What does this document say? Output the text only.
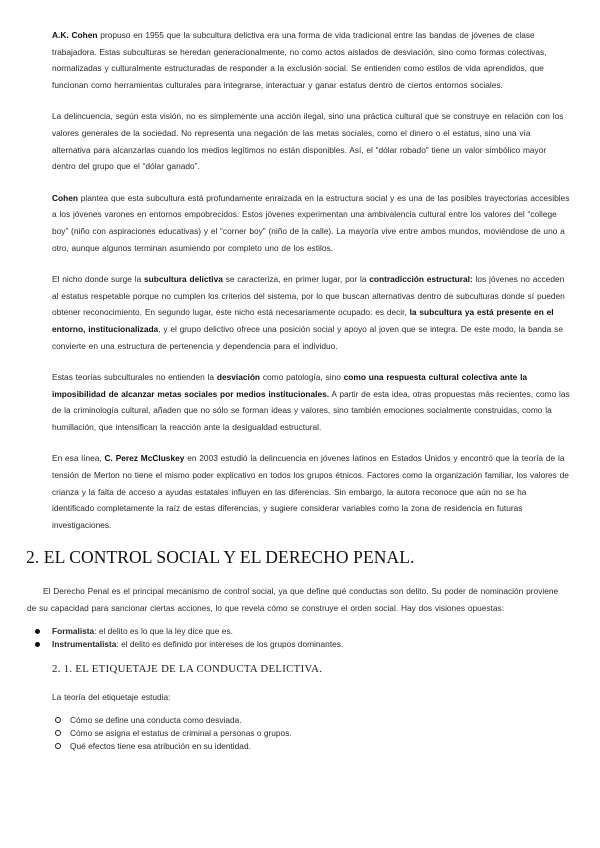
A.K. Cohen propuso en 1955 que la subcultura delictiva era una forma de vida tradicional entre las bandas de jóvenes de clase trabajadora. Estas subculturas se heredan generacionalmente, no como actos aislados de desviación, sino como formas colectivas, normalizadas y culturalmente estructuradas de responder a la exclusión social. Se entienden como estilos de vida aprendidos, que funcionan como herramientas culturales para integrarse, interactuar y ganar estatus dentro de ciertos entornos sociales.

La delincuencia, según esta visión, no es simplemente una acción ilegal, sino una práctica cultural que se construye en relación con los valores generales de la sociedad. No representa una negación de las metas sociales, como el dinero o el estatus, sino una vía alternativa para alcanzarlas cuando los medios legítimos no están disponibles. Así, el “dólar robado” tiene un valor simbólico mayor dentro del grupo que el “dólar ganado”.

Cohen plantea que esta subcultura está profundamente enraizada en la estructura social y es una de las posibles trayectorias accesibles a los jóvenes varones en entornos empobrecidos. Estos jóvenes experimentan una ambivalencia cultural entre los valores del “college boy” (niño con aspiraciones educativas) y el “corner boy” (niño de la calle). La mayoría vive entre ambos mundos, moviéndose de uno a otro, aunque algunos terminan asumiendo por completo uno de los estilos.

El nicho donde surge la subcultura delictiva se caracteriza, en primer lugar, por la contradicción estructural: los jóvenes no acceden al estatus respetable porque no cumplen los criterios del sistema, por lo que buscan alternativas dentro de subculturas donde sí pueden obtener reconocimiento. En segundo lugar, este nicho está necesariamente ocupado: es decir, la subcultura ya está presente en el entorno, institucionalizada, y el grupo delictivo ofrece una posición social y apoyo al joven que se integra. De este modo, la banda se convierte en una estructura de pertenencia y dependencia para el individuo.

Estas teorías subculturales no entienden la desviación como patología, sino como una respuesta cultural colectiva ante la imposibilidad de alcanzar metas sociales por medios institucionales. A partir de esta idea, otras propuestas más recientes, como las de la criminología cultural, añaden que no sólo se forman ideas y valores, sino también emociones socialmente construidas, como la humillación, que intensifican la reacción ante la desigualdad estructural.

En esa línea, C. Perez McCluskey en 2003 estudió la delincuencia en jóvenes latinos en Estados Unidos y encontró que la teoría de la tensión de Merton no tiene el mismo poder explicativo en todos los grupos étnicos. Factores como la organización familiar, los valores de crianza y la falta de acceso a ayudas estatales influyen en las diferencias. Sin embargo, la autora reconoce que aún no se ha identificado completamente la raíz de estas diferencias, y sugiere considerar variables como la zona de residencia en futuras investigaciones.

2. EL CONTROL SOCIAL Y EL DERECHO PENAL.

El Derecho Penal es el principal mecanismo de control social, ya que define qué conductas son delito. Su poder de nominación proviene de su capacidad para sancionar ciertas acciones, lo que revela cómo se construye el orden social. Hay dos visiones opuestas:

Formalista: el delito es lo que la ley dice que es.
Instrumentalista: el delito es definido por intereses de los grupos dominantes.
2. 1. EL ETIQUETAJE DE LA CONDUCTA DELICTIVA.

La teoría del etiquetaje estudia:

Cómo se define una conducta como desviada.
Cómo se asigna el estatus de criminal a personas o grupos.
Qué efectos tiene esa atribución en su identidad.
